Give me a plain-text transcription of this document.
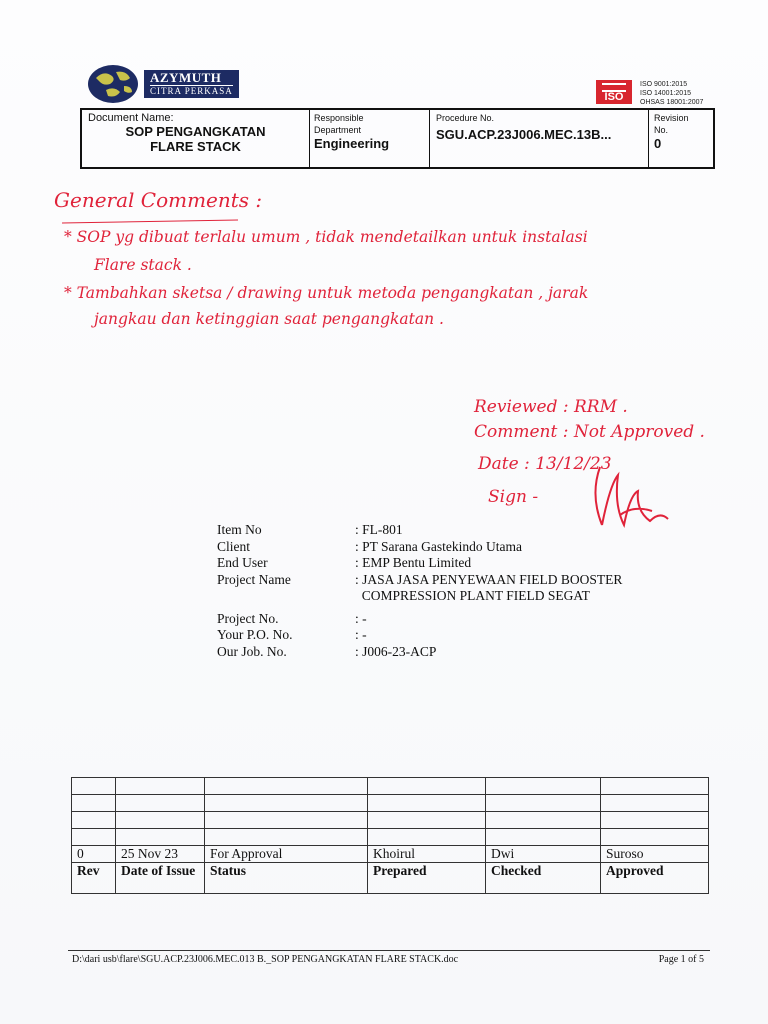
AZYMUTH
CITRA PERKASA	ISO
ISO 9001:2015
ISO 14001:2015
OHSAS 18001:2007
Document Name:
SOP PENGANGKATAN
FLARE STACK
Responsible
Department
Engineering
Procedure No.
SGU.ACP.23J006.MEC.13B...
Revision
No.
0
General Comments :
* SOP yg dibuat terlalu umum , tidak mendetailkan untuk instalasi
Flare stack .
* Tambahkan sketsa / drawing untuk metoda pengangkatan , jarak
jangkau dan ketinggian saat pengangkatan .
Reviewed : RRM .
Comment : Not Approved .
Date : 13/12/23
Sign -
Item No	: FL-801
Client	: PT Sarana Gastekindo Utama
End User	: EMP Bentu Limited
Project Name	: JASA JASA PENYEWAAN FIELD BOOSTER
COMPRESSION PLANT FIELD SEGAT
Project No.	: -
Your P.O. No.	: -
Our Job. No.	: J006-23-ACP

0	25 Nov 23	For Approval	Khoirul	Dwi	Suroso
Rev	Date of Issue	Status	Prepared	Checked	Approved
D:\dari usb\flare\SGU.ACP.23J006.MEC.013 B._SOP PENGANGKATAN FLARE STACK.doc	Page 1 of 5
